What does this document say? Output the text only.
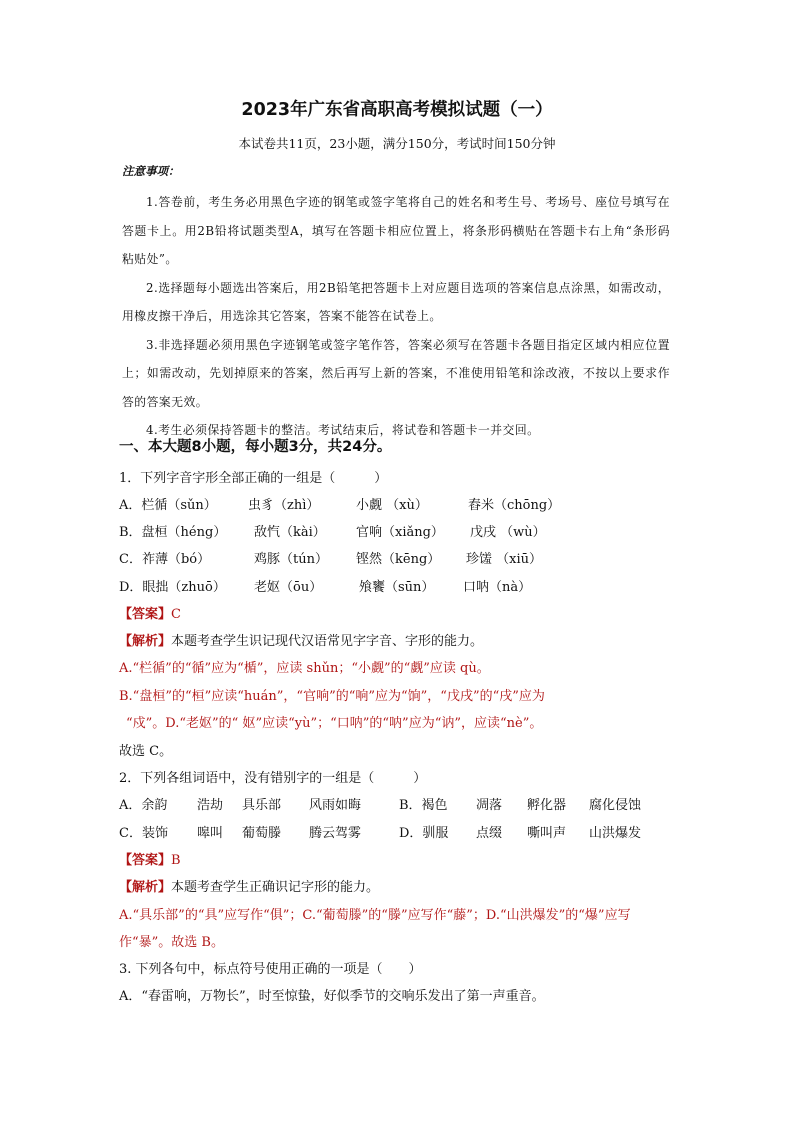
2023年广东省高职高考模拟试题（一）
本试卷共11页，23小题，满分150分，考试时间150分钟
注意事项：

1.答卷前，考生务必用黑色字迹的钢笔或签字笔将自己的姓名和考生号、考场号、座位号填写在答题卡上。用2B铅将试题类型A，填写在答题卡相应位置上，将条形码横贴在答题卡右上角“条形码粘贴处”。

2.选择题每小题选出答案后，用2B铅笔把答题卡上对应题目选项的答案信息点涂黑，如需改动，用橡皮擦干净后，用选涂其它答案，答案不能答在试卷上。

3.非选择题必须用黑色字迹钢笔或签字笔作答，答案必须写在答题卡各题目指定区域内相应位置上；如需改动，先划掉原来的答案，然后再写上新的答案，不准使用铅笔和涂改液，不按以上要求作答的答案无效。

4.考生必须保持答题卡的整洁。考试结束后，将试卷和答题卡一并交回。

一、本大题8小题，每小题3分，共24分。
1．下列字音字形全部正确的一组是（　　　）
A．栏循（sǔn） 虫豸（zhì）	小觑 （xù）	舂米（chōng）
B．盘桓（héng） 敌忾（kài） 官响（xiǎng） 戊戌 （wù）
C．祚薄（bó）	鸡豚（tún） 铿然（kēng） 珍馐 （xiū）
D．眼拙（zhuō） 老妪（ōu）	飧饔（sūn） 口呐（nà）
【答案】C
【解析】本题考查学生识记现代汉语常见字字音、字形的能力。
A.“栏循”的“循”应为“楯”，应读 shǔn；“小觑”的“觑”应读 qù。
B.“盘桓”的“桓”应读“huán”，“官响”的“响”应为“饷”，“戊戌”的“戌”应为
“戍”。D.“老妪”的“ 妪”应读“yù”；“口呐”的“呐”应为“讷”，应读“nè”。
故选 C。
2．下列各组词语中，没有错别字的一组是（　　　）
A．余韵 浩劫 具乐部 风雨如晦	B．褐色 凋落 孵化器 腐化侵蚀
C．装饰 嗥叫 葡萄滕 腾云驾雾	D．驯服 点缀 嘶叫声 山洪爆发
【答案】B
【解析】本题考查学生正确识记字形的能力。
A.“具乐部”的“具”应写作“俱”；C.“葡萄滕”的“滕”应写作“藤”；D.“山洪爆发”的“爆”应写
作“暴”。故选 B。
3. 下列各句中，标点符号使用正确的一项是（　　）
A．“春雷响，万物长”，时至惊蛰，好似季节的交响乐发出了第一声重音。
